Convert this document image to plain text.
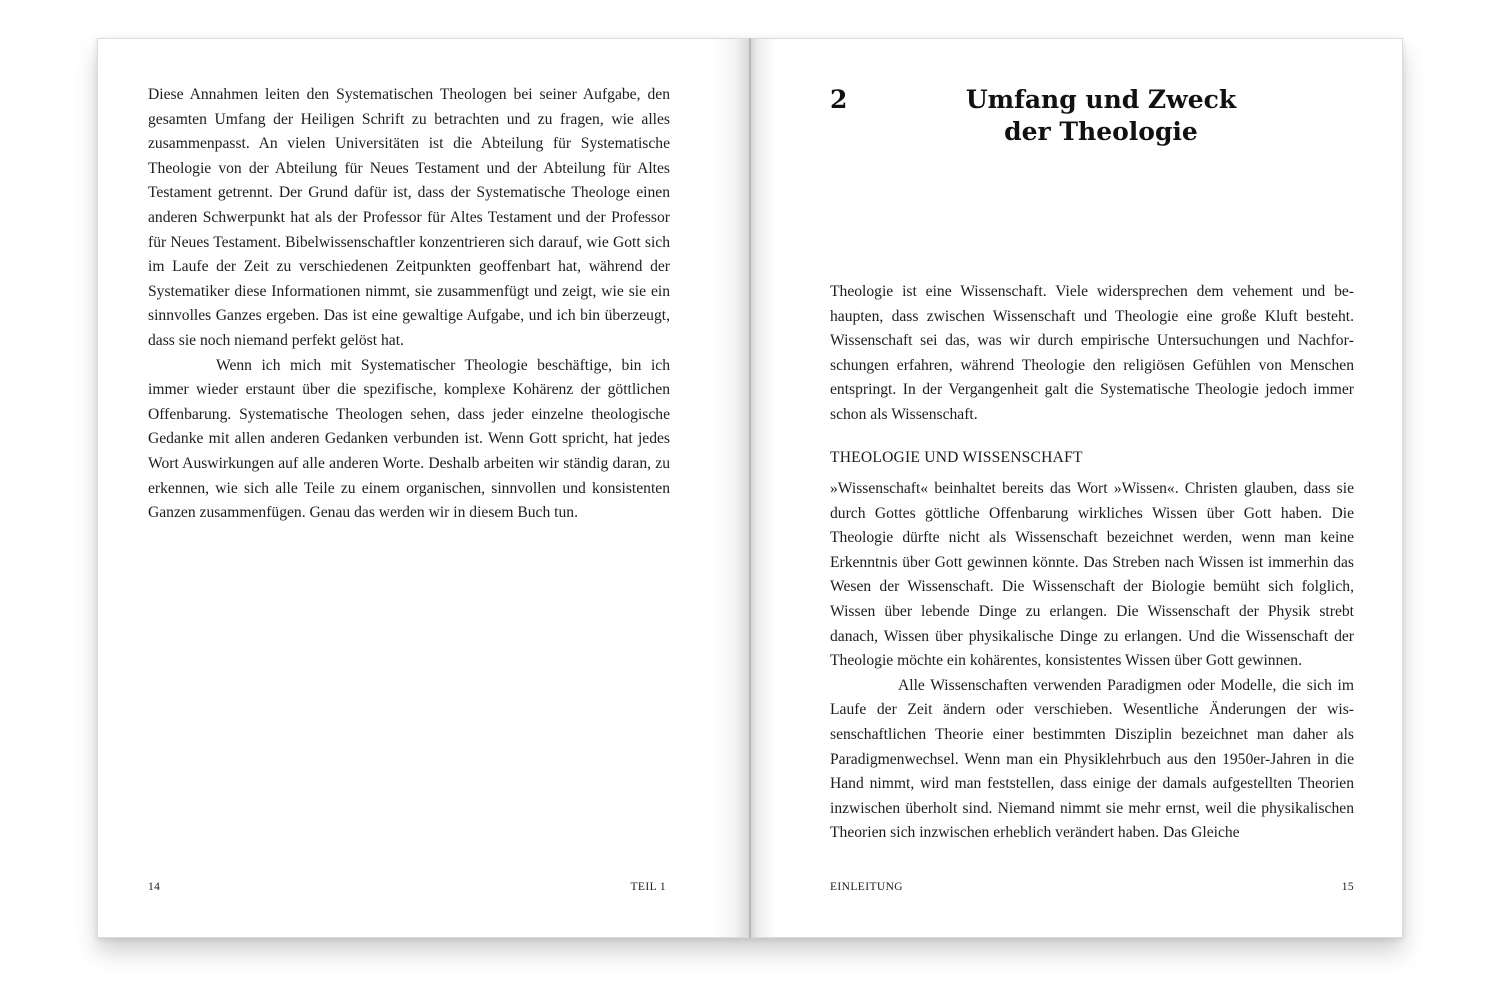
Diese Annahmen leiten den Systematischen Theologen bei seiner Aufgabe, den gesamten Umfang der Heiligen Schrift zu betrachten und zu fragen, wie alles zusammenpasst. An vielen Universitäten ist die Abteilung für Systematische Theologie von der Abteilung für Neues Testament und der Abteilung für Altes Testament getrennt. Der Grund dafür ist, dass der Systematische Theologe einen anderen Schwerpunkt hat als der Professor für Altes Testament und der Professor für Neues Testament. Bibelwissenschaftler konzentrieren sich darauf, wie Gott sich im Laufe der Zeit zu verschiedenen Zeitpunkten geoffenbart hat, während der Systematiker diese Informationen nimmt, sie zusammenfügt und zeigt, wie sie ein sinnvolles Ganzes ergeben. Das ist eine gewaltige Aufgabe, und ich bin überzeugt, dass sie noch niemand perfekt gelöst hat.

Wenn ich mich mit Systematischer Theologie beschäftige, bin ich immer wieder erstaunt über die spezifische, komplexe Kohärenz der göttlichen Offenbarung. Systematische Theologen sehen, dass jeder einzelne theologische Gedanke mit allen anderen Gedanken verbunden ist. Wenn Gott spricht, hat jedes Wort Auswirkungen auf alle anderen Worte. Deshalb arbeiten wir ständig daran, zu erkennen, wie sich alle Teile zu einem organischen, sinnvollen und konsistenten Ganzen zusammenfügen. Genau das werden wir in diesem Buch tun.

14	TEIL 1
2	Umfang und Zweck
der Theologie

Theologie ist eine Wissenschaft. Viele widersprechen dem vehement und behaupten, dass zwischen Wissenschaft und Theologie eine große Kluft besteht. Wissenschaft sei das, was wir durch empirische Untersuchungen und Nachforschungen erfahren, während Theologie den religiösen Gefühlen von Menschen entspringt. In der Vergangenheit galt die Systematische Theologie jedoch immer schon als Wissenschaft.

THEOLOGIE UND WISSENSCHAFT

»Wissenschaft« beinhaltet bereits das Wort »Wissen«. Christen glauben, dass sie durch Gottes göttliche Offenbarung wirkliches Wissen über Gott haben. Die Theologie dürfte nicht als Wissenschaft bezeichnet werden, wenn man keine Erkenntnis über Gott gewinnen könnte. Das Streben nach Wissen ist immerhin das Wesen der Wissenschaft. Die Wissenschaft der Biologie bemüht sich folglich, Wissen über lebende Dinge zu erlangen. Die Wissenschaft der Physik strebt danach, Wissen über physikalische Dinge zu erlangen. Und die Wissenschaft der Theologie möchte ein kohärentes, konsistentes Wissen über Gott gewinnen.

Alle Wissenschaften verwenden Paradigmen oder Modelle, die sich im Laufe der Zeit ändern oder verschieben. Wesentliche Änderungen der wissenschaftlichen Theorie einer bestimmten Disziplin bezeichnet man daher als Paradigmenwechsel. Wenn man ein Physiklehrbuch aus den 1950er-Jahren in die Hand nimmt, wird man feststellen, dass einige der damals aufgestellten Theorien inzwischen überholt sind. Niemand nimmt sie mehr ernst, weil die physikalischen Theorien sich inzwischen erheblich verändert haben. Das Gleiche

EINLEITUNG	15
